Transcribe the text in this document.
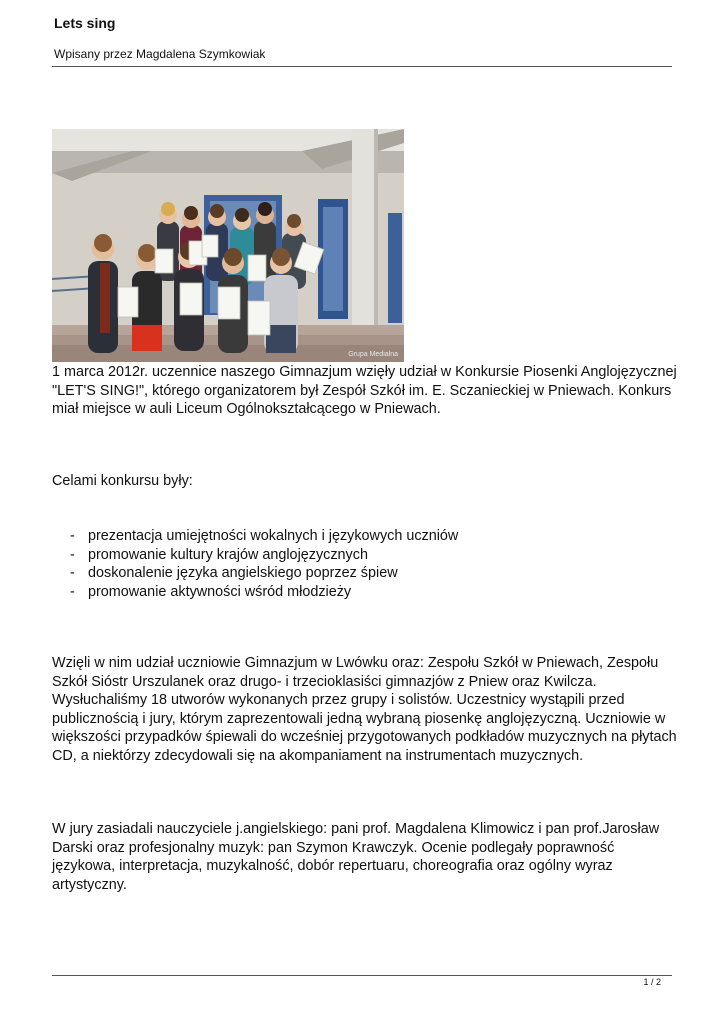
Lets sing
Wpisany przez Magdalena Szymkowiak
Grupa Medialna
1 marca 2012r. uczennice naszego Gimnazjum wzięły udział w Konkursie Piosenki Anglojęzycznej "LET'S SING!", którego organizatorem był Zespół Szkół im. E. Sczanieckiej w Pniewach. Konkurs miał miejsce w auli Liceum Ogólnokształcącego w Pniewach.
Celami konkursu były:
- prezentacja umiejętności wokalnych i językowych uczniów
- promowanie kultury krajów anglojęzycznych
- doskonalenie języka angielskiego poprzez śpiew
- promowanie aktywności wśród młodzieży
Wzięli w nim udział uczniowie Gimnazjum w Lwówku oraz: Zespołu Szkół w Pniewach, Zespołu Szkół Sióstr Urszulanek oraz drugo- i trzecioklasiści gimnazjów z Pniew oraz Kwilcza. Wysłuchaliśmy 18 utworów wykonanych przez grupy i solistów. Uczestnicy wystąpili przed publicznością i jury, którym zaprezentowali jedną wybraną piosenkę anglojęzyczną. Uczniowie w większości przypadków śpiewali do wcześniej przygotowanych podkładów muzycznych na płytach CD, a niektórzy zdecydowali się na akompaniament na instrumentach muzycznych.
W jury zasiadali nauczyciele j.angielskiego: pani prof. Magdalena Klimowicz i pan prof.Jarosław Darski oraz profesjonalny muzyk: pan Szymon Krawczyk. Ocenie podlegały poprawność językowa, interpretacja, muzykalność, dobór repertuaru, choreografia oraz ogólny wyraz artystyczny.
1 / 2
